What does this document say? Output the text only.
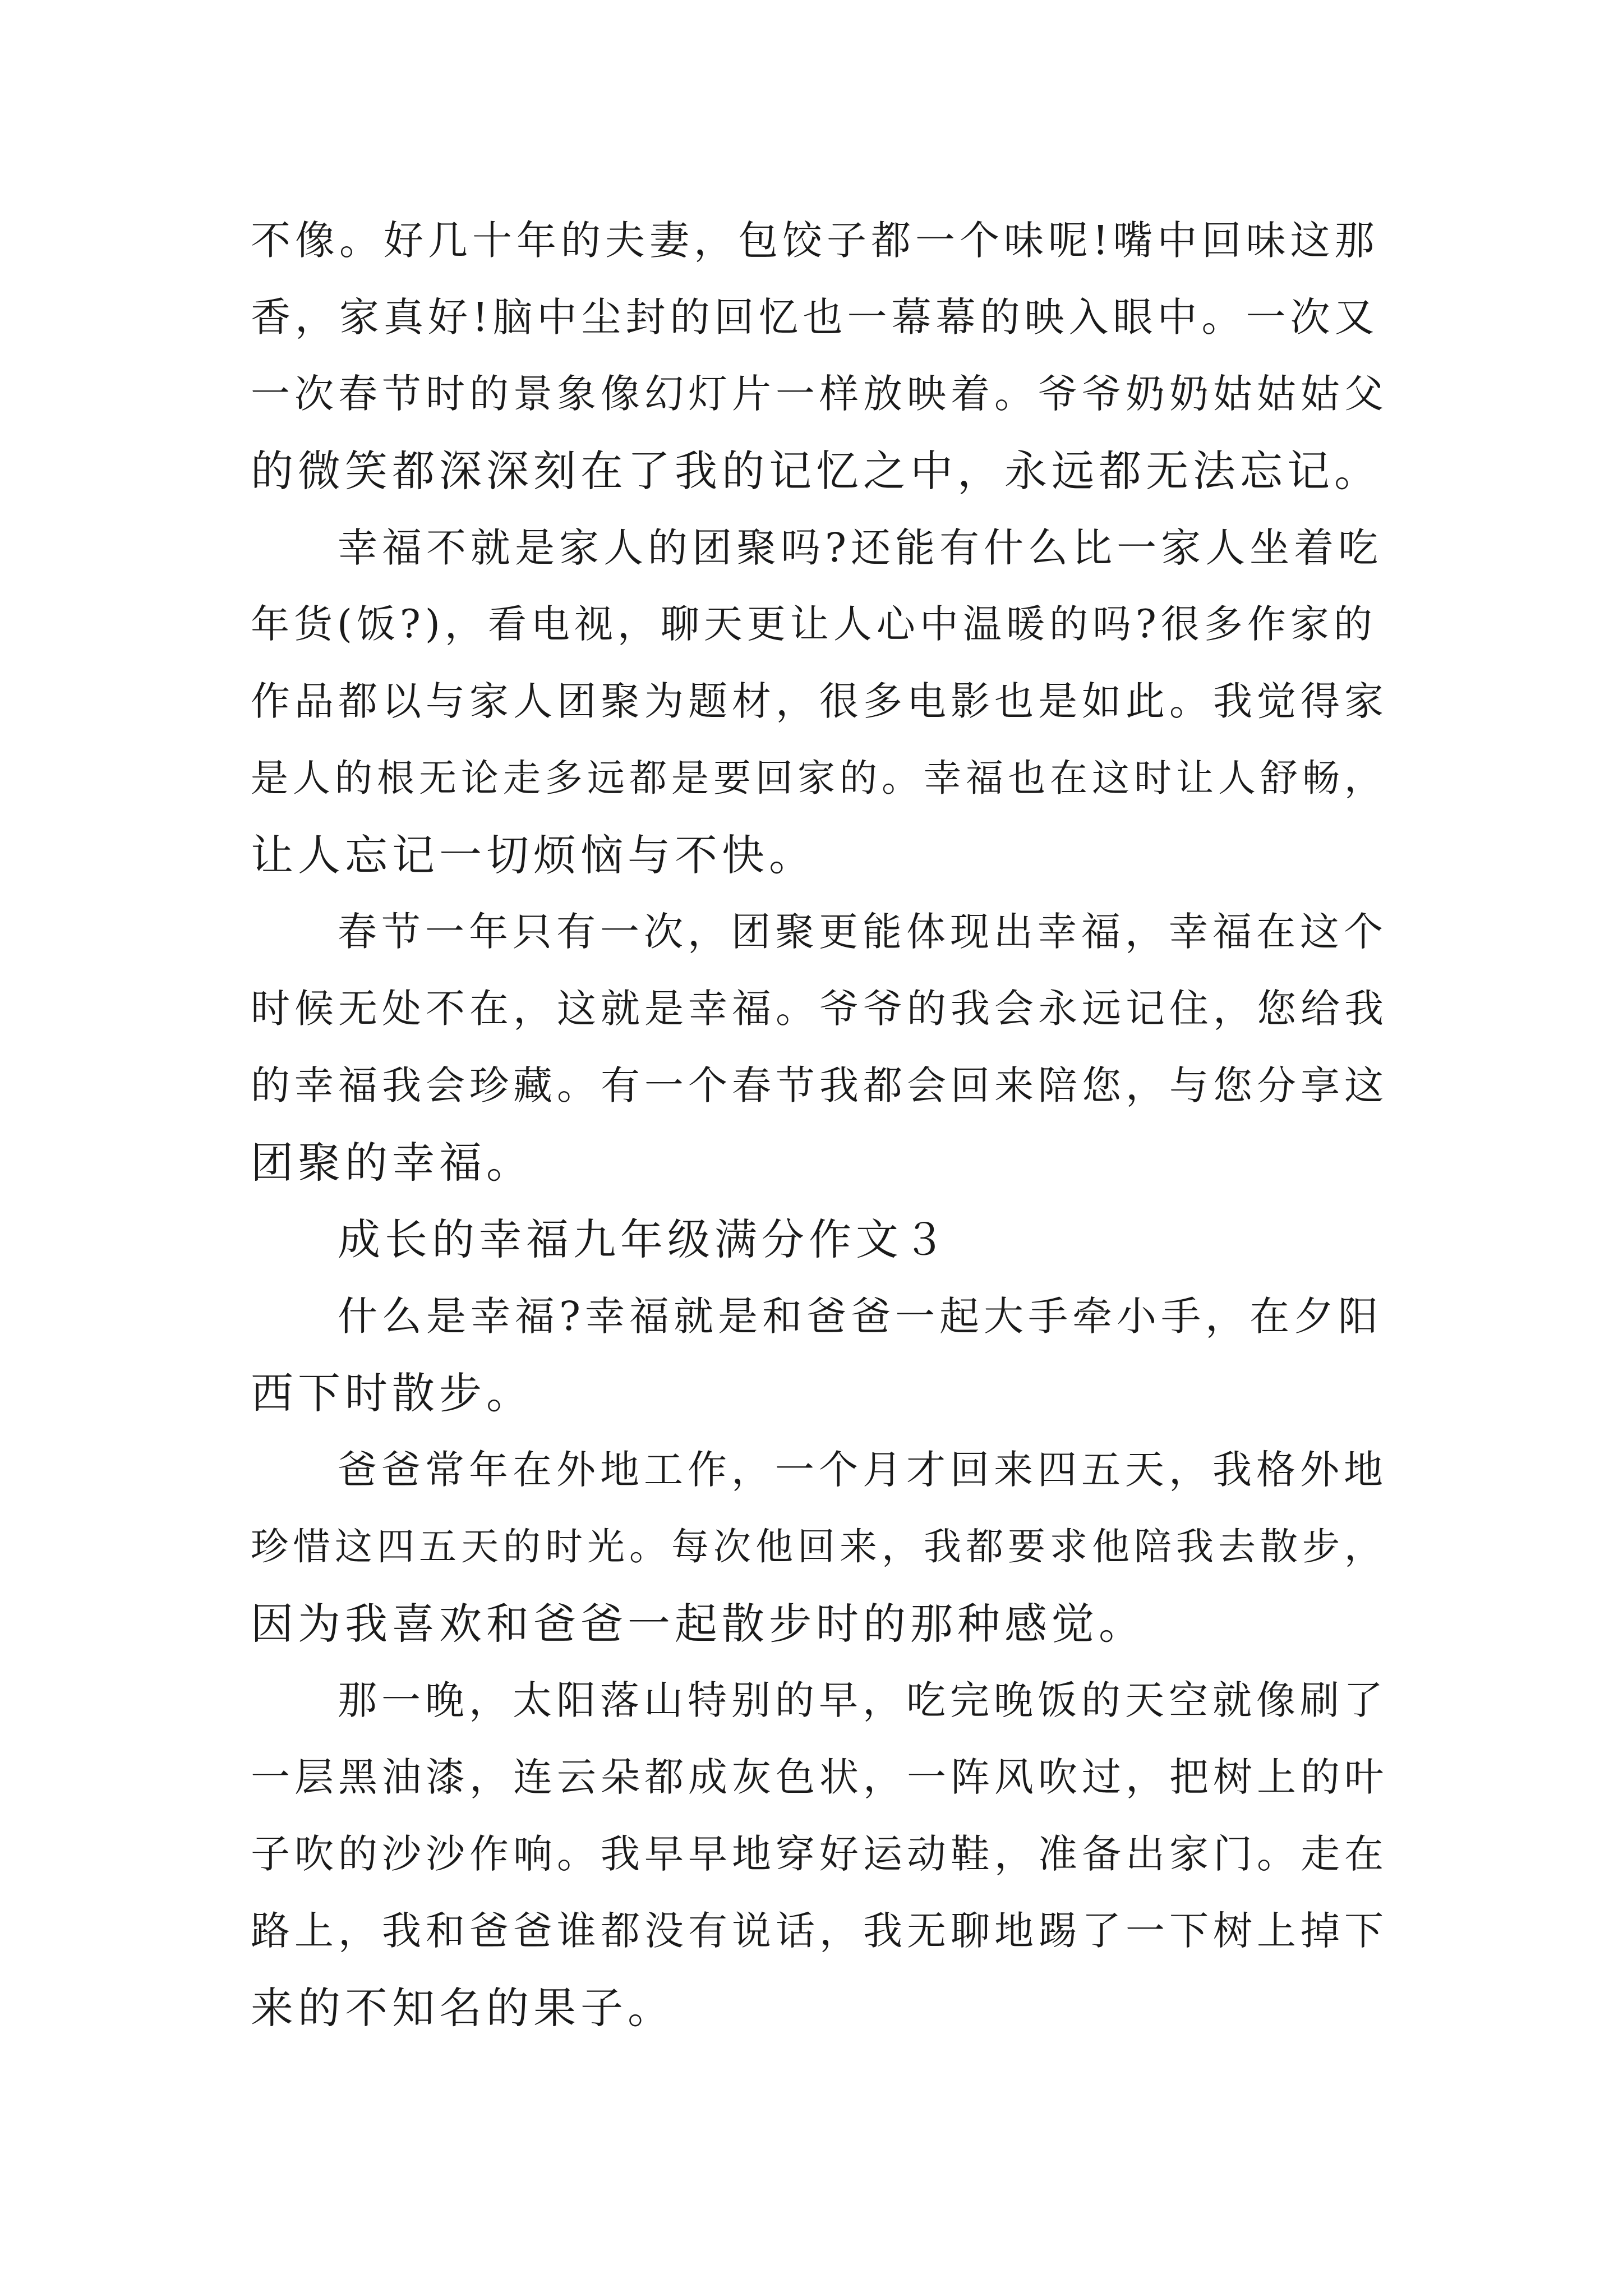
不像。好几十年的夫妻，包饺子都一个味呢!嘴中回味这那
香，家真好!脑中尘封的回忆也一幕幕的映入眼中。一次又
一次春节时的景象像幻灯片一样放映着。爷爷奶奶姑姑姑父
的微笑都深深刻在了我的记忆之中，永远都无法忘记。
幸福不就是家人的团聚吗?还能有什么比一家人坐着吃
年货(饭?)，看电视，聊天更让人心中温暖的吗?很多作家的
作品都以与家人团聚为题材，很多电影也是如此。我觉得家
是人的根无论走多远都是要回家的。幸福也在这时让人舒畅，
让人忘记一切烦恼与不快。
春节一年只有一次，团聚更能体现出幸福，幸福在这个
时候无处不在，这就是幸福。爷爷的我会永远记住，您给我
的幸福我会珍藏。有一个春节我都会回来陪您，与您分享这
团聚的幸福。
成长的幸福九年级满分作文３
什么是幸福?幸福就是和爸爸一起大手牵小手，在夕阳
西下时散步。
爸爸常年在外地工作，一个月才回来四五天，我格外地
珍惜这四五天的时光。每次他回来，我都要求他陪我去散步，
因为我喜欢和爸爸一起散步时的那种感觉。
那一晚，太阳落山特别的早，吃完晚饭的天空就像刷了
一层黑油漆，连云朵都成灰色状，一阵风吹过，把树上的叶
子吹的沙沙作响。我早早地穿好运动鞋，准备出家门。走在
路上，我和爸爸谁都没有说话，我无聊地踢了一下树上掉下
来的不知名的果子。
